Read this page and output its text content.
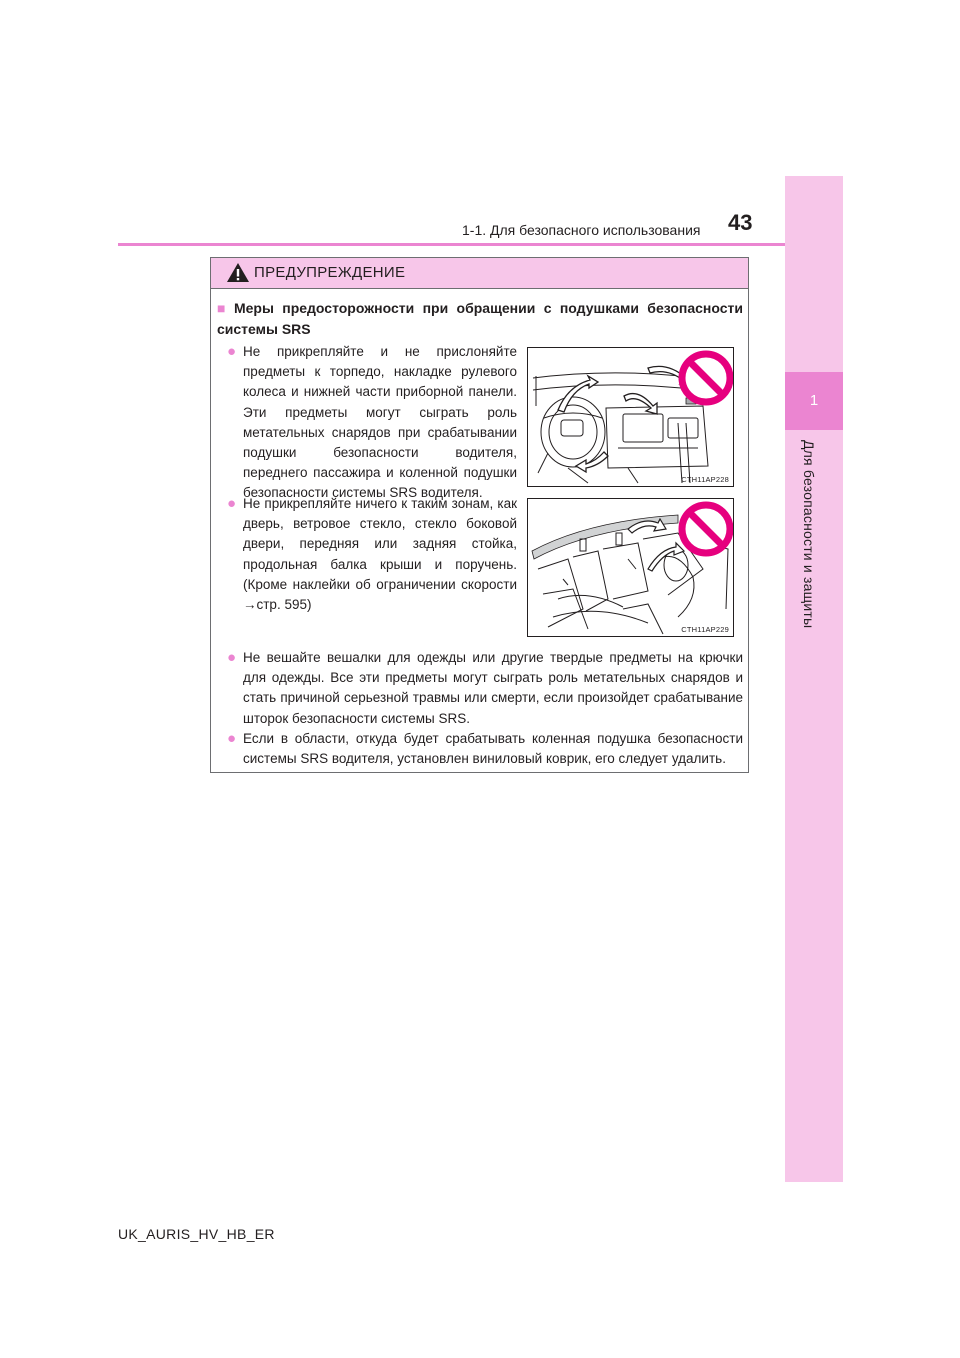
1
Для безопасности и защиты
1-1. Для безопасного использования 43
ПРЕДУПРЕЖДЕНИЕ
■ Меры предосторожности при обращении с подушками безопасности системы SRS
● Не прикрепляйте и не прислоняйте предметы к торпедо, накладке рулевого колеса и нижней части приборной панели. Эти предметы могут сыграть роль метательных снарядов при срабатывании подушки безопасности водителя, переднего пассажира и коленной подушки безопасности системы SRS водителя.
CTH11AP228
● Не прикрепляйте ничего к таким зонам, как дверь, ветровое стекло, стекло боковой двери, передняя или задняя стойка, продольная балка крыши и поручень. (Кроме наклейки об ограничении скорости →стр. 595)
CTH11AP229
● Не вешайте вешалки для одежды или другие твердые предметы на крючки для одежды. Все эти предметы могут сыграть роль метательных снарядов и стать причиной серьезной травмы или смерти, если произойдет срабатывание шторок безопасности системы SRS.
● Если в области, откуда будет срабатывать коленная подушка безопасности системы SRS водителя, установлен виниловый коврик, его следует удалить.
UK_AURIS_HV_HB_ER
